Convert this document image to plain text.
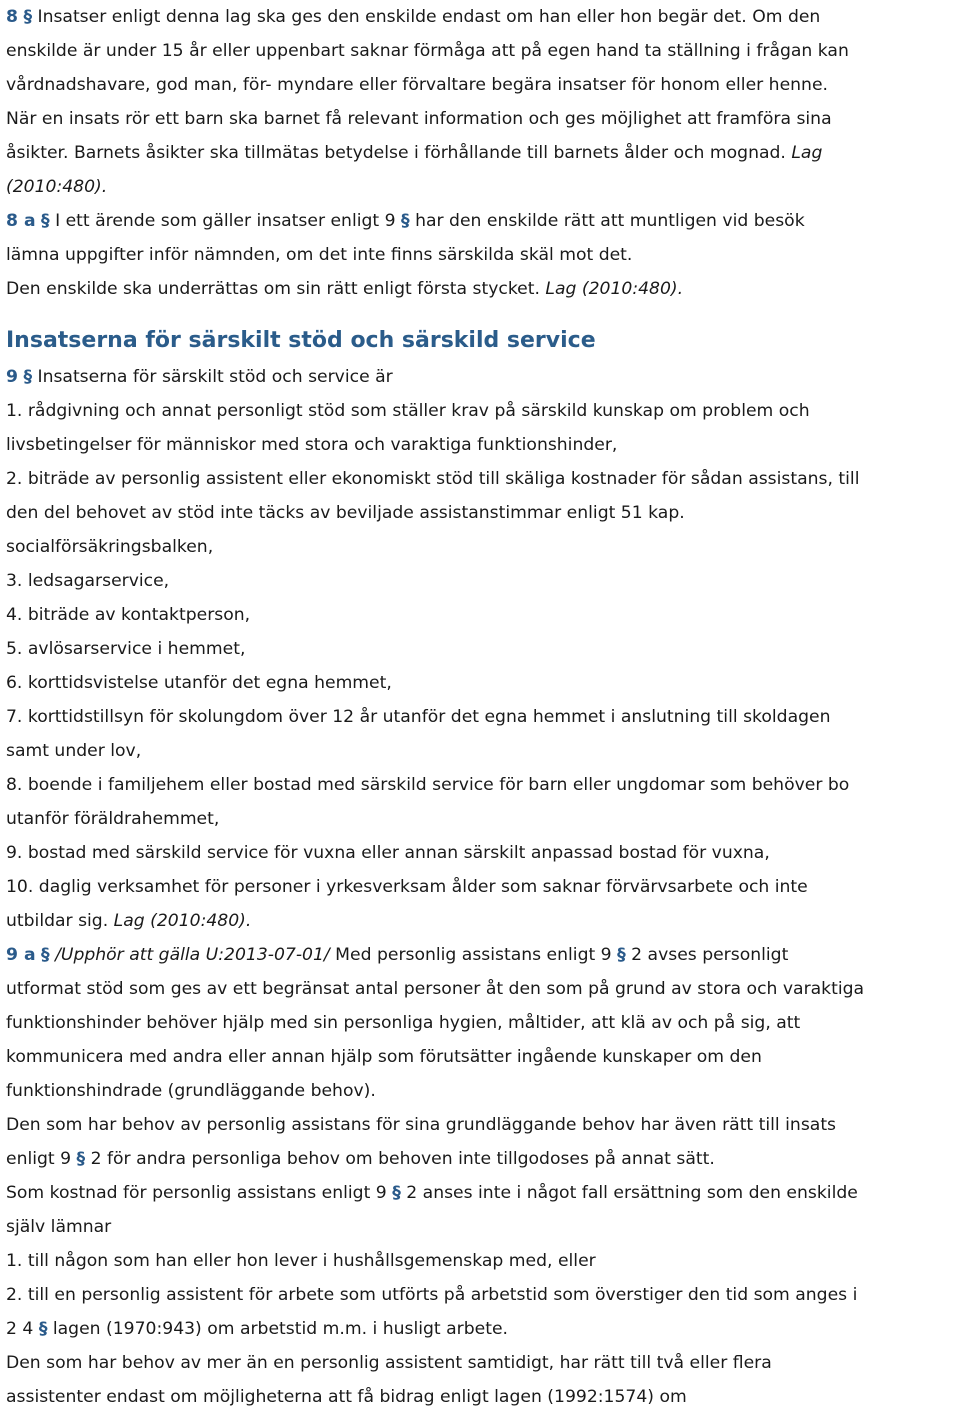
8 § Insatser enligt denna lag ska ges den enskilde endast om han eller hon begär det. Om den
enskilde är under 15 år eller uppenbart saknar förmåga att på egen hand ta ställning i frågan kan
vårdnadshavare, god man, för- myndare eller förvaltare begära insatser för honom eller henne.
När en insats rör ett barn ska barnet få relevant information och ges möjlighet att framföra sina
åsikter. Barnets åsikter ska tillmätas betydelse i förhållande till barnets ålder och mognad. Lag
(2010:480).
8 a § I ett ärende som gäller insatser enligt 9 § har den enskilde rätt att muntligen vid besök
lämna uppgifter inför nämnden, om det inte finns särskilda skäl mot det.
Den enskilde ska underrättas om sin rätt enligt första stycket. Lag (2010:480).
Insatserna för särskilt stöd och särskild service
9 § Insatserna för särskilt stöd och service är
1. rådgivning och annat personligt stöd som ställer krav på särskild kunskap om problem och
livsbetingelser för människor med stora och varaktiga funktionshinder,
2. biträde av personlig assistent eller ekonomiskt stöd till skäliga kostnader för sådan assistans, till
den del behovet av stöd inte täcks av beviljade assistanstimmar enligt 51 kap.
socialförsäkringsbalken,
3. ledsagarservice,
4. biträde av kontaktperson,
5. avlösarservice i hemmet,
6. korttidsvistelse utanför det egna hemmet,
7. korttidstillsyn för skolungdom över 12 år utanför det egna hemmet i anslutning till skoldagen
samt under lov,
8. boende i familjehem eller bostad med särskild service för barn eller ungdomar som behöver bo
utanför föräldrahemmet,
9. bostad med särskild service för vuxna eller annan särskilt anpassad bostad för vuxna,
10. daglig verksamhet för personer i yrkesverksam ålder som saknar förvärvsarbete och inte
utbildar sig. Lag (2010:480).
9 a § /Upphör att gälla U:2013-07-01/ Med personlig assistans enligt 9 § 2 avses personligt
utformat stöd som ges av ett begränsat antal personer åt den som på grund av stora och varaktiga
funktionshinder behöver hjälp med sin personliga hygien, måltider, att klä av och på sig, att
kommunicera med andra eller annan hjälp som förutsätter ingående kunskaper om den
funktionshindrade (grundläggande behov).
Den som har behov av personlig assistans för sina grundläggande behov har även rätt till insats
enligt 9 § 2 för andra personliga behov om behoven inte tillgodoses på annat sätt.
Som kostnad för personlig assistans enligt 9 § 2 anses inte i något fall ersättning som den enskilde
själv lämnar
1. till någon som han eller hon lever i hushållsgemenskap med, eller
2. till en personlig assistent för arbete som utförts på arbetstid som överstiger den tid som anges i
2 4 § lagen (1970:943) om arbetstid m.m. i husligt arbete.
Den som har behov av mer än en personlig assistent samtidigt, har rätt till två eller flera
assistenter endast om möjligheterna att få bidrag enligt lagen (1992:1574) om
